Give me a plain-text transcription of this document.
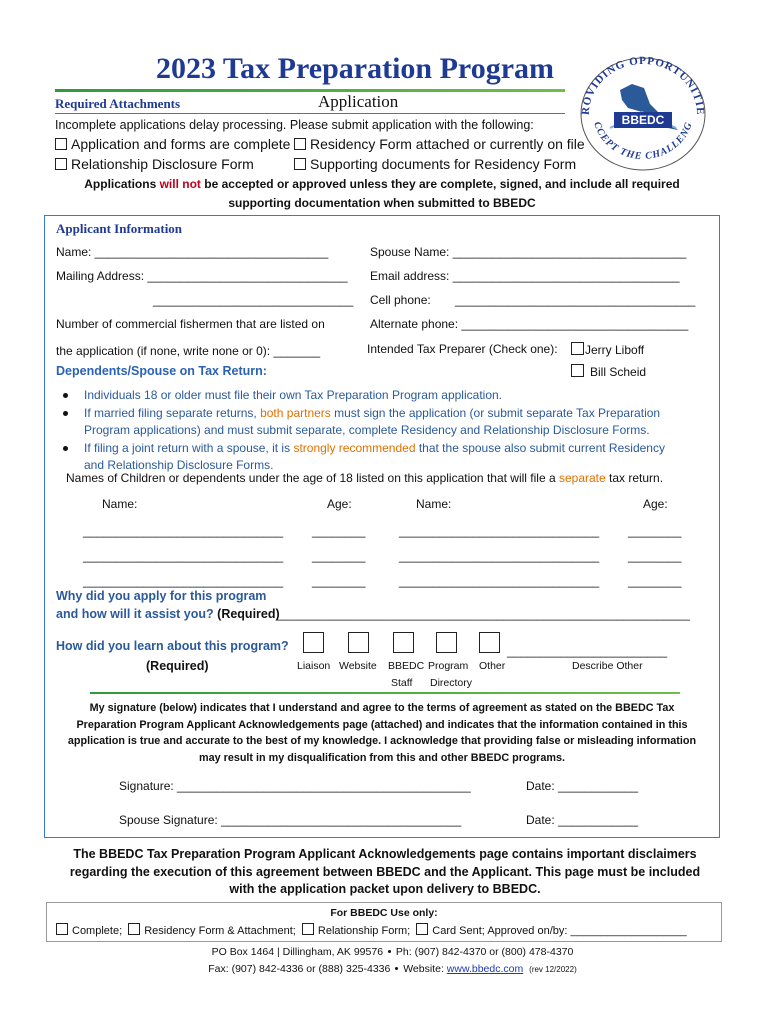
2023 Tax Preparation Program
Required Attachments	Application	ROVIDING OPPORTUNITIE
CCEPT THE CHALLENG
BBEDC
Incomplete applications delay processing. Please submit application with the following:
Application and forms are complete	Residency Form attached or currently on file
Relationship Disclosure Form	Supporting documents for Residency Form
Applications will not be accepted or approved unless they are complete, signed, and include all required
supporting documentation when submitted to BBEDC
Applicant Information
Name: ___________________________________	Spouse Name: ___________________________________
Mailing Address: ______________________________ Email address: __________________________________
______________________________ Cell phone: ____________________________________
Number of commercial fishermen that are listed on	Alternate phone: __________________________________
the application (if none, write none or 0): _______	Intended Tax Preparer (Check one):	Jerry Liboff
Bill Scheid
Dependents/Spouse on Tax Return:
Individuals 18 or older must file their own Tax Preparation Program application.
If married filing separate returns, both partners must sign the application (or submit separate Tax Preparation
Program applications) and must submit separate, complete Residency and Relationship Disclosure Forms.
If filing a joint return with a spouse, it is strongly recommended that the spouse also submit current Residency
and Relationship Disclosure Forms.
Names of Children or dependents under the age of 18 listed on this application that will file a separate tax return.
Name:	Age:	Name:	Age:
______________________________ ________	______________________________ ________
______________________________ ________	______________________________ ________
______________________________ ________	______________________________ ________
Why did you apply for this program
and how will it assist you? (Required)
______________________________________________________________
How did you learn about this program?
(Required)
________________________
Liaison Website BBEDC Program Other
Staff Directory
Describe Other
My signature (below) indicates that I understand and agree to the terms of agreement as stated on the BBEDC Tax
Preparation Program Applicant Acknowledgements page (attached) and indicates that the information contained in this
application is true and accurate to the best of my knowledge. I acknowledge that providing false or misleading information
may result in my disqualification from this and other BBEDC programs.
Signature: ____________________________________________	Date: ____________
Spouse Signature: ____________________________________	Date: ____________
The BBEDC Tax Preparation Program Applicant Acknowledgements page contains important disclaimers
regarding the execution of this agreement between BBEDC and the Applicant. This page must be included
with the application packet upon delivery to BBEDC.
For BBEDC Use only:
Complete; Residency Form & Attachment; Relationship Form; Card Sent; Approved on/by: ___________________
PO Box 1464 | Dillingham, AK 99576 Ph: (907) 842-4370 or (800) 478-4370
Fax: (907) 842-4336 or (888) 325-4336 Website: www.bbedc.com (rev 12/2022)
